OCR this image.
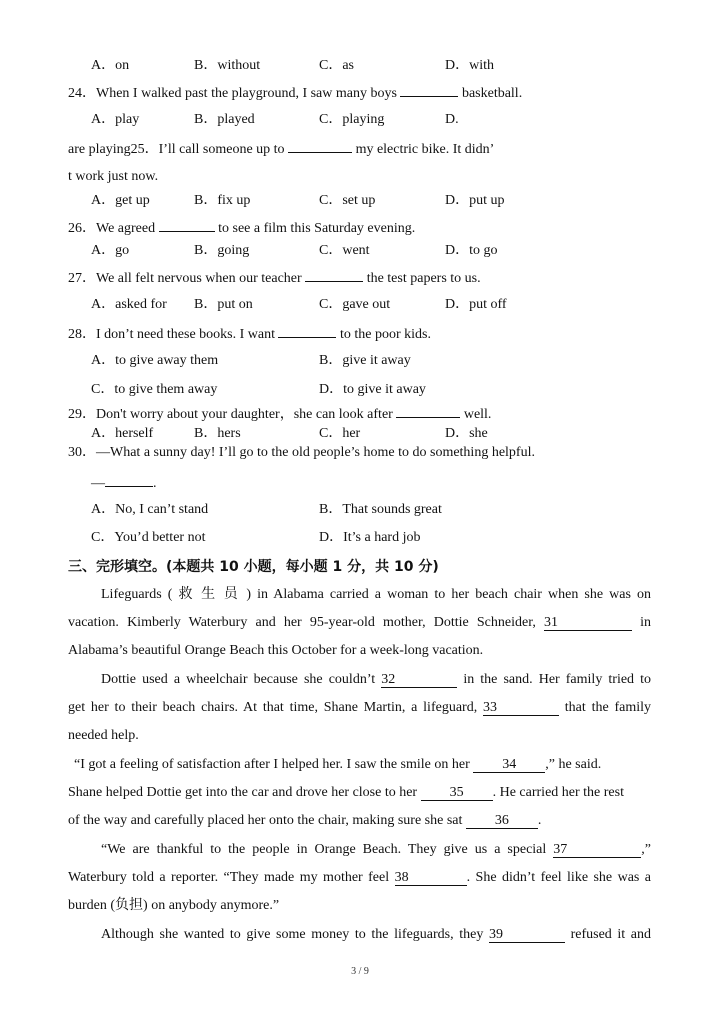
A．on	B．without	C．as	D．with
24．When I walked past the playground, I saw many boys	basketball.
A．play	B．played	C．playing	D.
are playing25．I’ll call someone up to	my electric bike. It didn’
t work just now.
A．get up	B．fix up	C．set up	D．put up
26．We agreed	to see a film this Saturday evening.
A．go	B．going	C．went	D．to go
27．We all felt nervous when our teacher	the test papers to us.
A．asked for B．put on	C．gave out	D．put off
28．I don’t need these books. I want	to the poor kids.
A．to give away them	B．give it away
C．to give them away	D．to give it away
29．Don't worry about your daughter，she can look after	well.
A．herself	B．hers	C．her	D．she
30．—What a sunny day! I’ll go to the old people’s home to do something helpful.
—	.
A．No, I can’t stand	B．That sounds great
C．You’d better not	D．It’s a hard job
三、完形填空。(本题共 10 小题，每小题 1 分，共 10 分)
Lifeguards ( 救 生 员 ) in Alabama carried a woman to her beach chair when she was on
vacation. Kimberly Waterbury and her 95-year-old mother, Dottie Schneider, 31	in
Alabama’s beautiful Orange Beach this October for a week-long vacation.
Dottie used a wheelchair because she couldn’t 32	in the sand. Her family tried to
get her to their beach chairs. At that time, Shane Martin, a lifeguard, 33	that the family
needed help.
“I got a feeling of satisfaction after I helped her. I saw the smile on her 34 ,” he said.
Shane helped Dottie get into the car and drove her close to her 35 . He carried her the rest
of the way and carefully placed her onto the chair, making sure she sat 36 .
“We are thankful to the people in Orange Beach. They give us a special 37	,”
Waterbury told a reporter. “They made my mother feel 38	. She didn’t feel like she was a
burden (负担) on anybody anymore.”
Although she wanted to give some money to the lifeguards, they 39	refused it and
3 / 9
